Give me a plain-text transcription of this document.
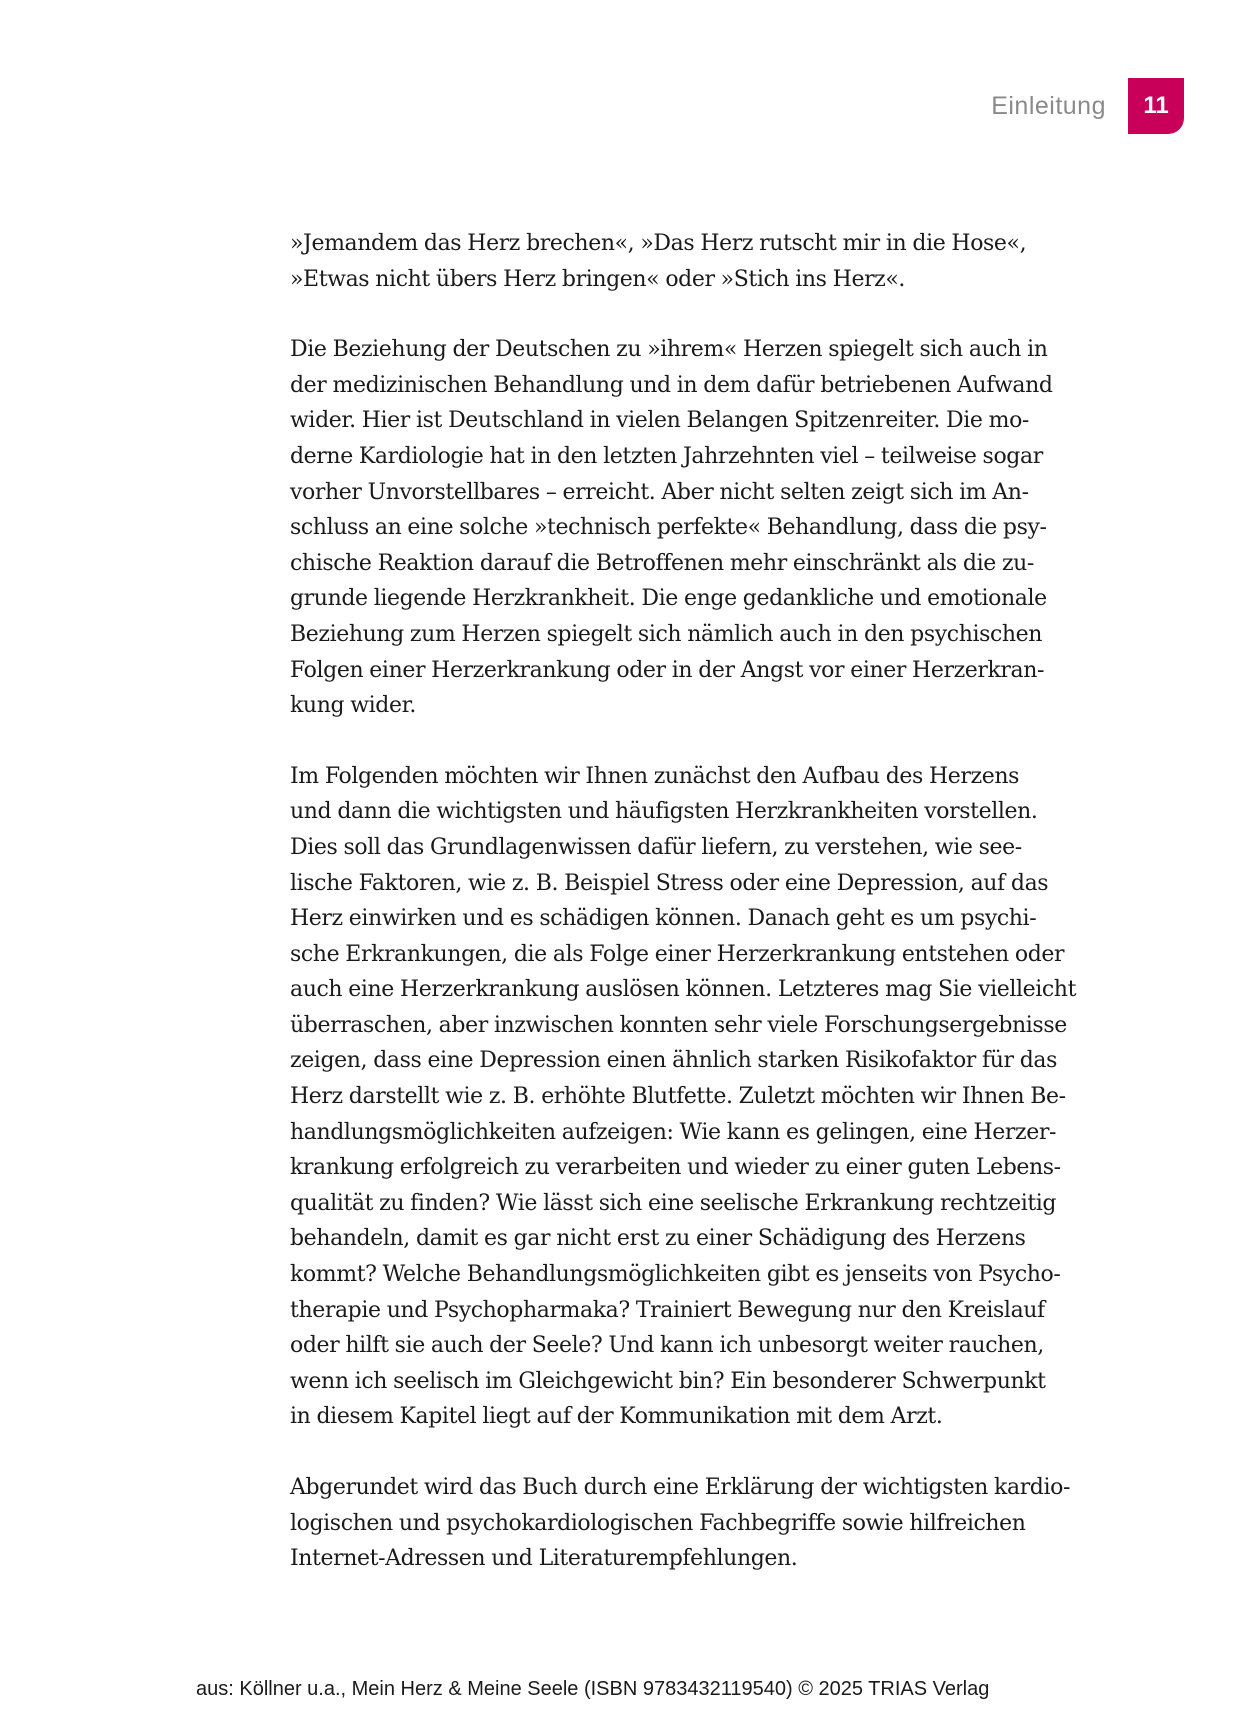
Einleitung	11

»Jemandem das Herz brechen«, »Das Herz rutscht mir in die Hose«,
»Etwas nicht übers Herz bringen« oder »Stich ins Herz«.

Die Beziehung der Deutschen zu »ihrem« Herzen spiegelt sich auch in
der medizinischen Behandlung und in dem dafür betriebenen Aufwand
wider. Hier ist Deutschland in vielen Belangen Spitzenreiter. Die mo-
derne Kardiologie hat in den letzten Jahrzehnten viel – teilweise sogar
vorher Unvorstellbares – erreicht. Aber nicht selten zeigt sich im An-
schluss an eine solche »technisch perfekte« Behandlung, dass die psy-
chische Reaktion darauf die Betroffenen mehr einschränkt als die zu-
grunde liegende Herzkrankheit. Die enge gedankliche und emotionale
Beziehung zum Herzen spiegelt sich nämlich auch in den psychischen
Folgen einer Herzerkrankung oder in der Angst vor einer Herzerkran-
kung wider.

Im Folgenden möchten wir Ihnen zunächst den Aufbau des Herzens
und dann die wichtigsten und häufigsten Herzkrankheiten vorstellen.
Dies soll das Grundlagenwissen dafür liefern, zu verstehen, wie see-
lische Faktoren, wie z. B. Beispiel Stress oder eine Depression, auf das
Herz einwirken und es schädigen können. Danach geht es um psychi-
sche Erkrankungen, die als Folge einer Herzerkrankung entstehen oder
auch eine Herzerkrankung auslösen können. Letzteres mag Sie vielleicht
überraschen, aber inzwischen konnten sehr viele Forschungsergebnisse
zeigen, dass eine Depression einen ähnlich starken Risikofaktor für das
Herz darstellt wie z. B. erhöhte Blutfette. Zuletzt möchten wir Ihnen Be-
handlungsmöglichkeiten aufzeigen: Wie kann es gelingen, eine Herzer-
krankung erfolgreich zu verarbeiten und wieder zu einer guten Lebens-
qualität zu finden? Wie lässt sich eine seelische Erkrankung rechtzeitig
behandeln, damit es gar nicht erst zu einer Schädigung des Herzens
kommt? Welche Behandlungsmöglichkeiten gibt es jenseits von Psycho-
therapie und Psychopharmaka? Trainiert Bewegung nur den Kreislauf
oder hilft sie auch der Seele? Und kann ich unbesorgt weiter rauchen,
wenn ich seelisch im Gleichgewicht bin? Ein besonderer Schwerpunkt
in diesem Kapitel liegt auf der Kommunikation mit dem Arzt.

Abgerundet wird das Buch durch eine Erklärung der wichtigsten kardio-
logischen und psychokardiologischen Fachbegriffe sowie hilfreichen
Internet-Adressen und Literaturempfehlungen.

aus: Köllner u.a., Mein Herz & Meine Seele (ISBN 9783432119540) © 2025 TRIAS Verlag
